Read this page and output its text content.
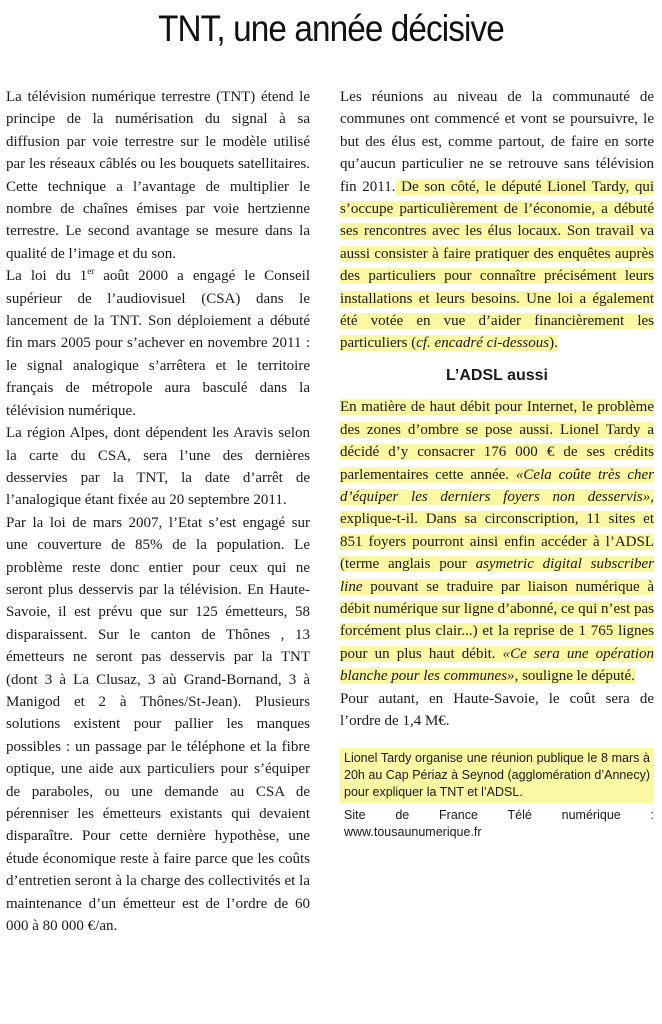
TNT, une année décisive

La télévision numérique terrestre (TNT) étend le principe de la numérisation du signal à sa diffusion par voie terrestre sur le modèle utilisé par les réseaux câblés ou les bouquets satellitaires. Cette technique a l’avantage de multiplier le nombre de chaînes émises par voie hertzienne terrestre. Le second avantage se mesure dans la qualité de l’image et du son.

La loi du 1er août 2000 a engagé le Conseil supérieur de l’audiovisuel (CSA) dans le lancement de la TNT. Son déploiement a débuté fin mars 2005 pour s’achever en novembre 2011 : le signal analogique s’arrêtera et le territoire français de métropole aura basculé dans la télévision numérique.

La région Alpes, dont dépendent les Aravis selon la carte du CSA, sera l’une des dernières desservies par la TNT, la date d’arrêt de l’analogique étant fixée au 20 septembre 2011.

Par la loi de mars 2007, l’Etat s’est engagé sur une couverture de 85% de la population. Le problème reste donc entier pour ceux qui ne seront plus desservis par la télévision. En Haute-Savoie, il est prévu que sur 125 émetteurs, 58 disparaissent. Sur le canton de Thônes , 13 émetteurs ne seront pas desservis par la TNT (dont 3 à La Clusaz, 3 aù Grand-Bornand, 3 à Manigod et 2 à Thônes/St-Jean). Plusieurs solutions existent pour pallier les manques possibles : un passage par le téléphone et la fibre optique, une aide aux particuliers pour s’équiper de paraboles, ou une demande au CSA de pérenniser les émetteurs existants qui devaient disparaître. Pour cette dernière hypothèse, une étude économique reste à faire parce que les coûts d’entretien seront à la charge des collectivités et la maintenance d’un émetteur est de l’ordre de 60 000 à 80 000 €/an.

Les réunions au niveau de la communauté de communes ont commencé et vont se poursuivre, le but des élus est, comme partout, de faire en sorte qu’aucun particulier ne se retrouve sans télévision fin 2011. De son côté, le député Lionel Tardy, qui s’occupe particulièrement de l’économie, a débuté ses rencontres avec les élus locaux. Son travail va aussi consister à faire pratiquer des enquêtes auprès des particuliers pour connaître précisément leurs installations et leurs besoins. Une loi a également été votée en vue d’aider financièrement les particuliers (cf. encadré ci-dessous).

L’ADSL aussi

En matière de haut débit pour Internet, le problème des zones d’ombre se pose aussi. Lionel Tardy a décidé d’y consacrer 176 000 € de ses crédits parlementaires cette année. «Cela coûte très cher d’équiper les derniers foyers non desservis», explique-t-il. Dans sa circonscription, 11 sites et 851 foyers pourront ainsi enfin accéder à l’ADSL (terme anglais pour asymetric digital subscriber line pouvant se traduire par liaison numérique à débit numérique sur ligne d’abonné, ce qui n’est pas forcément plus clair...) et la reprise de 1 765 lignes pour un plus haut débit. «Ce sera une opération blanche pour les communes», souligne le député.

Pour autant, en Haute-Savoie, le coût sera de l’ordre de 1,4 M€.

Lionel Tardy organise une réunion publique le 8 mars à 20h au Cap Périaz à Seynod (agglomération d’Annecy) pour expliquer la TNT et l’ADSL.

Site de France Télé numérique : www.tousaunumerique.fr
